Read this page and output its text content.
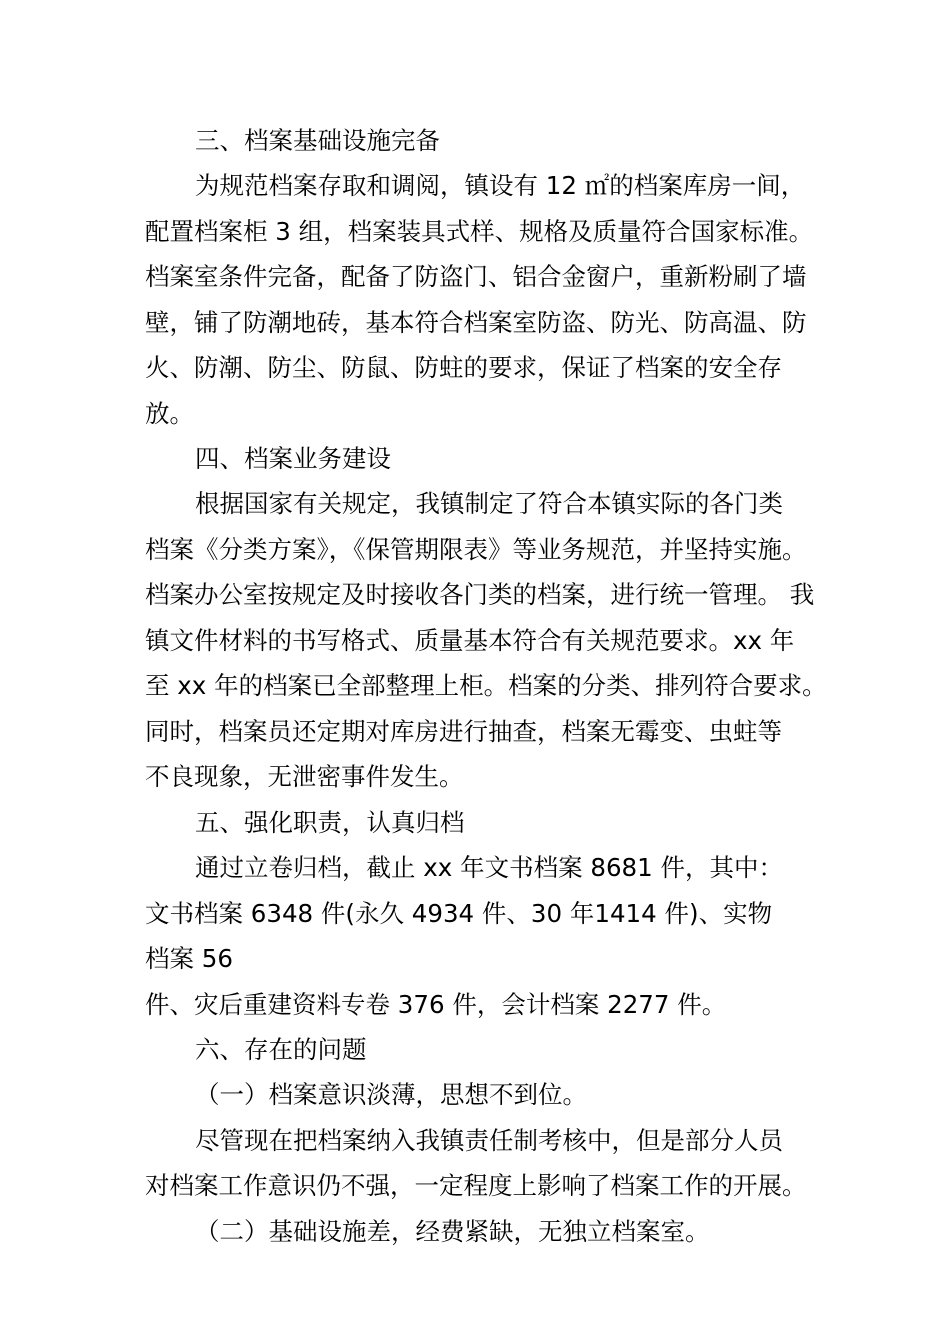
三、档案基础设施完备
为规范档案存取和调阅，镇设有 12 ㎡的档案库房一间，
配置档案柜 3 组，档案装具式样、规格及质量符合国家标准。
档案室条件完备，配备了防盗门、铝合金窗户，重新粉刷了墙
壁，铺了防潮地砖，基本符合档案室防盗、防光、防高温、防
火、防潮、防尘、防鼠、防蛀的要求，保证了档案的安全存
放。
四、档案业务建设
根据国家有关规定，我镇制定了符合本镇实际的各门类
档案《分类方案》，《保管期限表》等业务规范，并坚持实施。
档案办公室按规定及时接收各门类的档案，进行统一管理。 我
镇文件材料的书写格式、质量基本符合有关规范要求。xx 年
至 xx 年的档案已全部整理上柜。档案的分类、排列符合要求。
同时，档案员还定期对库房进行抽查，档案无霉变、虫蛀等
不良现象，无泄密事件发生。
五、强化职责，认真归档
通过立卷归档，截止 xx 年文书档案 8681 件，其中：
文书档案 6348 件(永久 4934 件、30 年1414 件)、实物
档案 56
件、灾后重建资料专卷 376 件，会计档案 2277 件。
六、存在的问题
（一）档案意识淡薄，思想不到位。
尽管现在把档案纳入我镇责任制考核中，但是部分人员
对档案工作意识仍不强，一定程度上影响了档案工作的开展。
（二）基础设施差，经费紧缺，无独立档案室。
